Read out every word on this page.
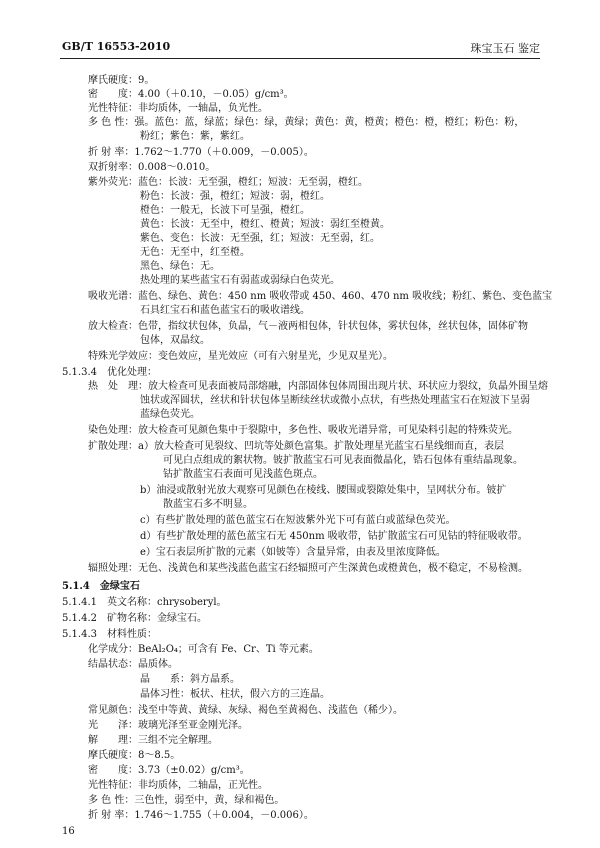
GB/T 16553-2010	珠宝玉石 鉴定
摩氏硬度：9。
密　　度：4.00（＋0.10，－0.05）g/cm³。
光性特征：非均质体，一轴晶，负光性。
多 色 性：强。蓝色：蓝，绿蓝；绿色：绿，黄绿；黄色：黄，橙黄；橙色：橙，橙红；粉色：粉，
粉红；紫色：紫，紫红。
折 射 率：1.762～1.770（＋0.009，－0.005）。
双折射率：0.008～0.010。
紫外荧光：蓝色：长波：无至强，橙红；短波：无至弱，橙红。
粉色：长波：强，橙红；短波：弱，橙红。
橙色：一般无，长波下可呈强，橙红。
黄色：长波：无至中，橙红、橙黄；短波：弱红至橙黄。
紫色、变色：长波：无至强，红；短波：无至弱，红。
无色：无至中，红至橙。
黑色、绿色：无。
热处理的某些蓝宝石有弱蓝或弱绿白色荧光。
吸收光谱：蓝色、绿色、黄色：450 nm 吸收带或 450、460、470 nm 吸收线；粉红、紫色、变色蓝宝
石具红宝石和蓝色蓝宝石的吸收谱线。
放大检查：色带，指纹状包体，负晶，气－液两相包体，针状包体，雾状包体，丝状包体，固体矿物
包体，双晶纹。
特殊光学效应：变色效应，星光效应（可有六射星光，少见双星光）。
5.1.3.4　优化处理：
热　处　理：放大检查可见表面被局部熔融，内部固体包体周围出现片状、环状应力裂纹，负晶外围呈熔
蚀状或浑圆状，丝状和针状包体呈断续丝状或微小点状，有些热处理蓝宝石在短波下呈弱
蓝绿色荧光。
染色处理：放大检查可见颜色集中于裂隙中，多色性、吸收光谱异常，可见染料引起的特殊荧光。
扩散处理：a）放大检查可见裂纹、凹坑等处颜色富集。扩散处理星光蓝宝石星线细而直，表层
可见白点组成的絮状物。铍扩散蓝宝石可见表面微晶化，锆石包体有重结晶现象。
钴扩散蓝宝石表面可见浅蓝色斑点。
b）油浸或散射光放大观察可见颜色在棱线、腰围或裂隙处集中，呈网状分布。铍扩
散蓝宝石多不明显。
c）有些扩散处理的蓝色蓝宝石在短波紫外光下可有蓝白或蓝绿色荧光。
d）有些扩散处理的蓝色蓝宝石无 450nm 吸收带，钴扩散蓝宝石可见钴的特征吸收带。
e）宝石表层所扩散的元素（如铍等）含量异常，由表及里浓度降低。
辐照处理：无色、浅黄色和某些浅蓝色蓝宝石经辐照可产生深黄色或橙黄色，极不稳定，不易检测。
5.1.4　金绿宝石
5.1.4.1　英文名称：chrysoberyl。
5.1.4.2　矿物名称：金绿宝石。
5.1.4.3　材料性质：
化学成分：BeAl₂O₄；可含有 Fe、Cr、Ti 等元素。
结晶状态：晶质体。
晶　　系：斜方晶系。
晶体习性：板状、柱状，假六方的三连晶。
常见颜色：浅至中等黄、黄绿、灰绿、褐色至黄褐色、浅蓝色（稀少）。
光　　泽：玻璃光泽至亚金刚光泽。
解　　理：三组不完全解理。
摩氏硬度：8～8.5。
密　　度：3.73（±0.02）g/cm³。
光性特征：非均质体，二轴晶，正光性。
多 色 性：三色性，弱至中，黄，绿和褐色。
折 射 率：1.746～1.755（＋0.004，－0.006）。
16
